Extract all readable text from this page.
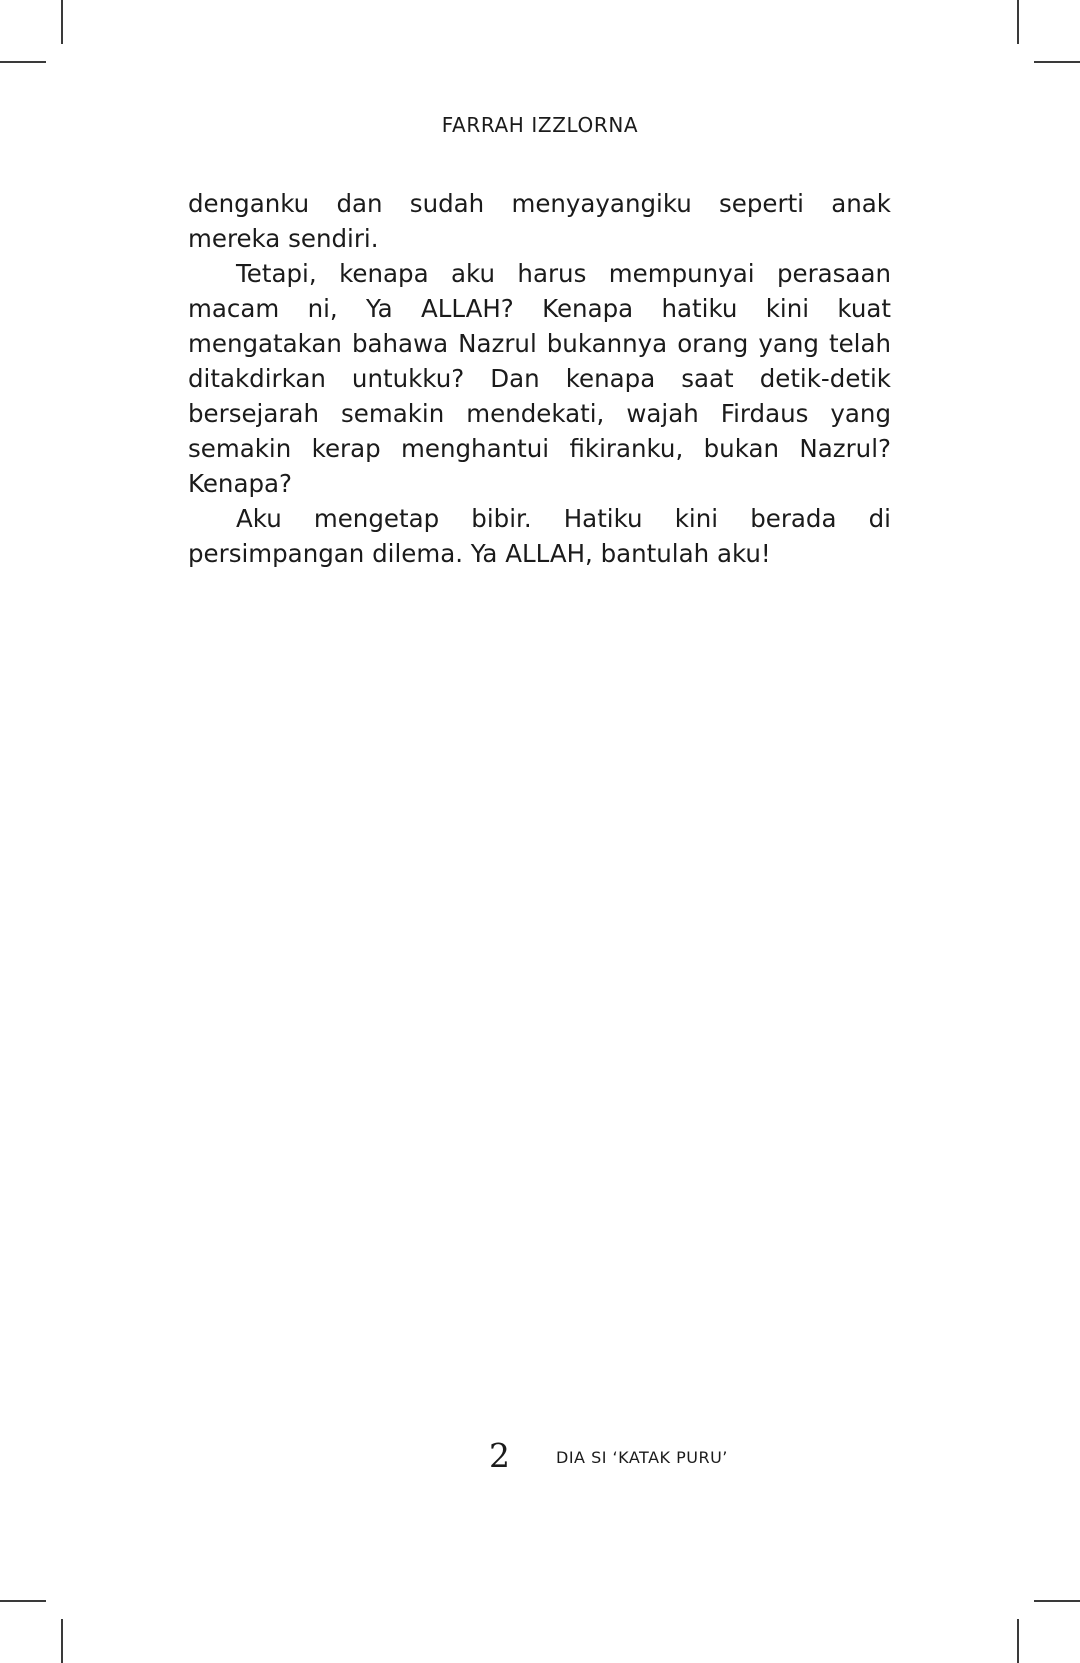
FARRAH IZZLORNA

denganku dan sudah menyayangiku seperti anak mereka sendiri.

Tetapi, kenapa aku harus mempunyai perasaan macam ni, Ya ALLAH? Kenapa hatiku kini kuat mengatakan bahawa Nazrul bukannya orang yang telah ditakdirkan untukku? Dan kenapa saat detik-detik bersejarah semakin mendekati, wajah Firdaus yang semakin kerap menghantui fikiranku, bukan Nazrul? Kenapa?

Aku mengetap bibir. Hatiku kini berada di persimpangan dilema. Ya ALLAH, bantulah aku!

2	DIA SI ‘KATAK PURU’
